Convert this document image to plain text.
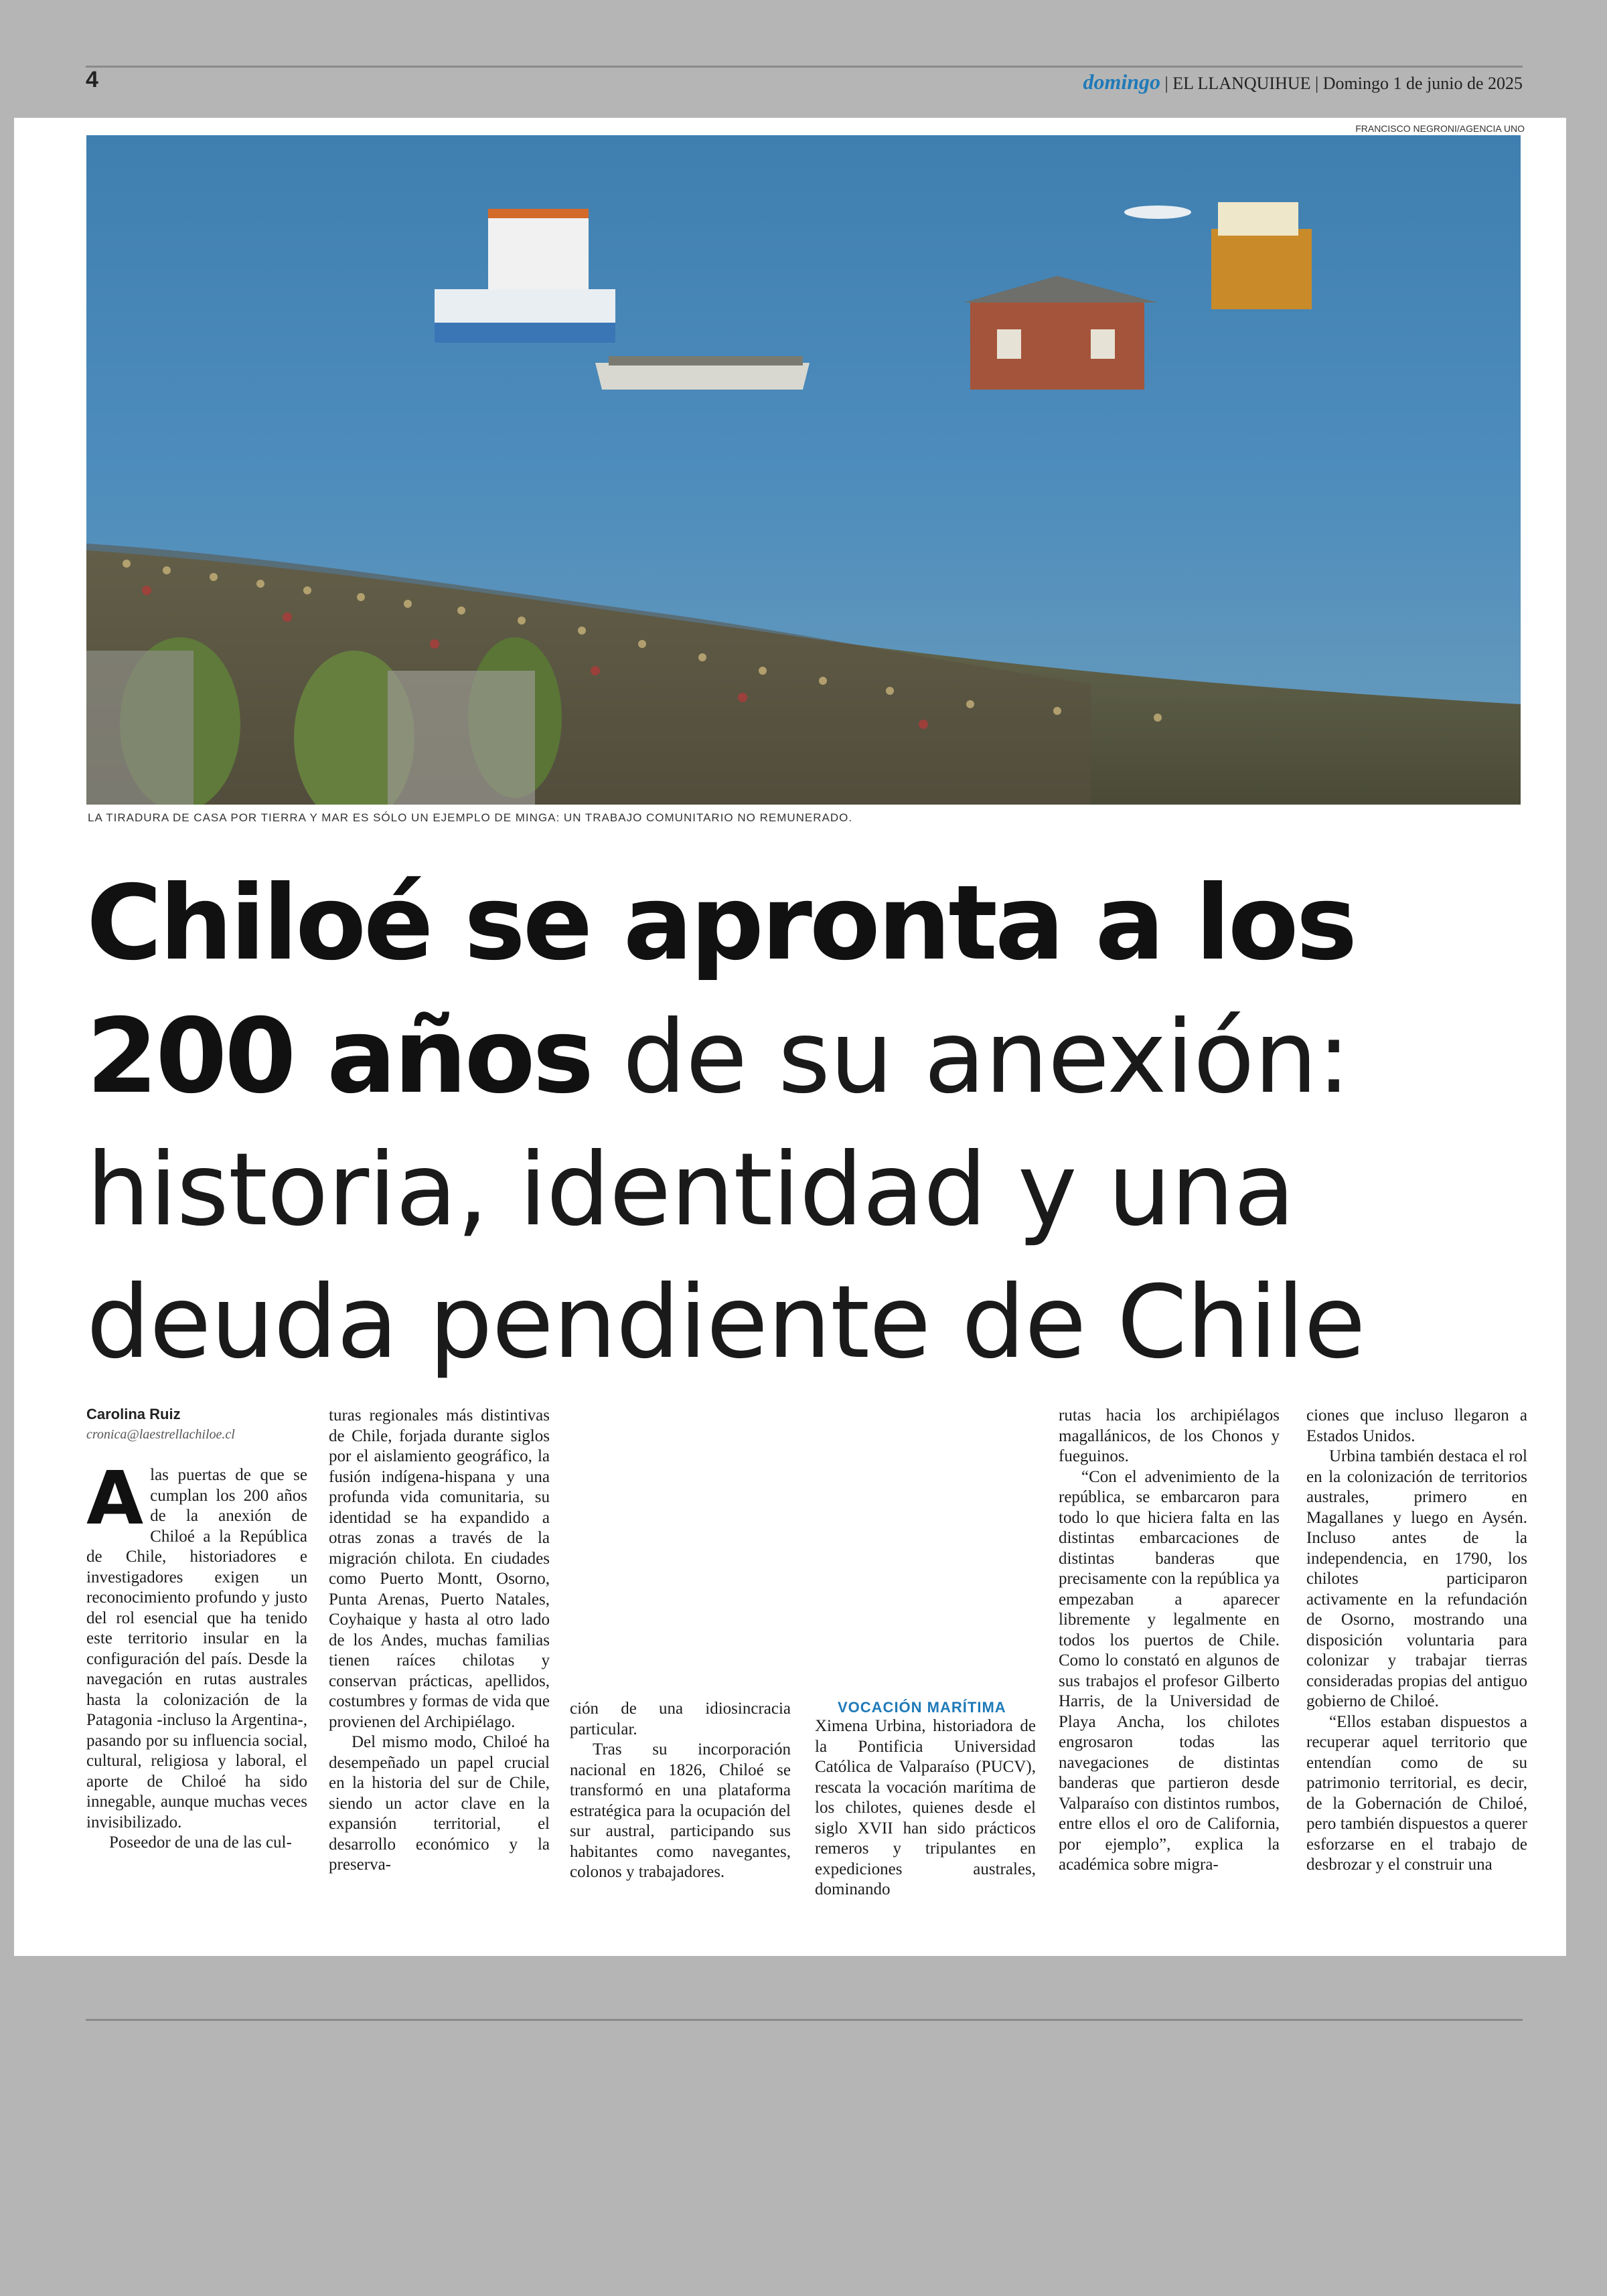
4	domingo | EL LLANQUIHUE | Domingo 1 de junio de 2025
FRANCISCO NEGRONI/AGENCIA UNO
LA TIRADURA DE CASA POR TIERRA Y MAR ES SÓLO UN EJEMPLO DE MINGA: UN TRABAJO COMUNITARIO NO REMUNERADO.
Chiloé se apronta a los
200 años de su anexión:
historia, identidad y una
deuda pendiente de Chile
Carolina Ruiz
cronica@laestrellachiloe.cl

Alas puertas de que se cumplan los 200 años de la anexión de Chiloé a la República de Chile, historiadores e investigadores exigen un reconocimiento profundo y justo del rol esencial que ha tenido este territorio insular en la configuración del país. Desde la navegación en rutas australes hasta la colonización de la Patagonia -incluso la Argentina-, pasando por su influencia social, cultural, religiosa y laboral, el aporte de Chiloé ha sido innegable, aunque muchas veces invisibilizado.

Poseedor de una de las cul-

turas regionales más distintivas de Chile, forjada durante siglos por el aislamiento geográfico, la fusión indígena-hispana y una profunda vida comunitaria, su identidad se ha expandido a otras zonas a través de la migración chilota. En ciudades como Puerto Montt, Osorno, Punta Arenas, Puerto Natales, Coyhaique y hasta al otro lado de los Andes, muchas familias tienen raíces chilotas y conservan prácticas, apellidos, costumbres y formas de vida que provienen del Archipiélago.

Del mismo modo, Chiloé ha desempeñado un papel crucial en la historia del sur de Chile, siendo un actor clave en la expansión territorial, el desarrollo económico y la preserva-

ción de una idiosincracia particular.

Tras su incorporación nacional en 1826, Chiloé se transformó en una plataforma estratégica para la ocupación del sur austral, participando sus habitantes como navegantes, colonos y trabajadores.

VOCACIÓN MARÍTIMA

Ximena Urbina, historiadora de la Pontificia Universidad Católica de Valparaíso (PUCV), rescata la vocación marítima de los chilotes, quienes desde el siglo XVII han sido prácticos remeros y tripulantes en expediciones australes, dominando

rutas hacia los archipiélagos magallánicos, de los Chonos y fueguinos.

“Con el advenimiento de la república, se embarcaron para todo lo que hiciera falta en las distintas embarcaciones de distintas banderas que precisamente con la república ya empezaban a aparecer libremente y legalmente en todos los puertos de Chile. Como lo constató en algunos de sus trabajos el profesor Gilberto Harris, de la Universidad de Playa Ancha, los chilotes engrosaron todas las navegaciones de distintas banderas que partieron desde Valparaíso con distintos rumbos, entre ellos el oro de California, por ejemplo”, explica la académica sobre migra-

ciones que incluso llegaron a Estados Unidos.

Urbina también destaca el rol en la colonización de territorios australes, primero en Magallanes y luego en Aysén. Incluso antes de la independencia, en 1790, los chilotes participaron activamente en la refundación de Osorno, mostrando una disposición voluntaria para colonizar y trabajar tierras consideradas propias del antiguo gobierno de Chiloé.

“Ellos estaban dispuestos a recuperar aquel territorio que entendían como de su patrimonio territorial, es decir, de la Gobernación de Chiloé, pero también dispuestos a querer esforzarse en el trabajo de desbrozar y el construir una
